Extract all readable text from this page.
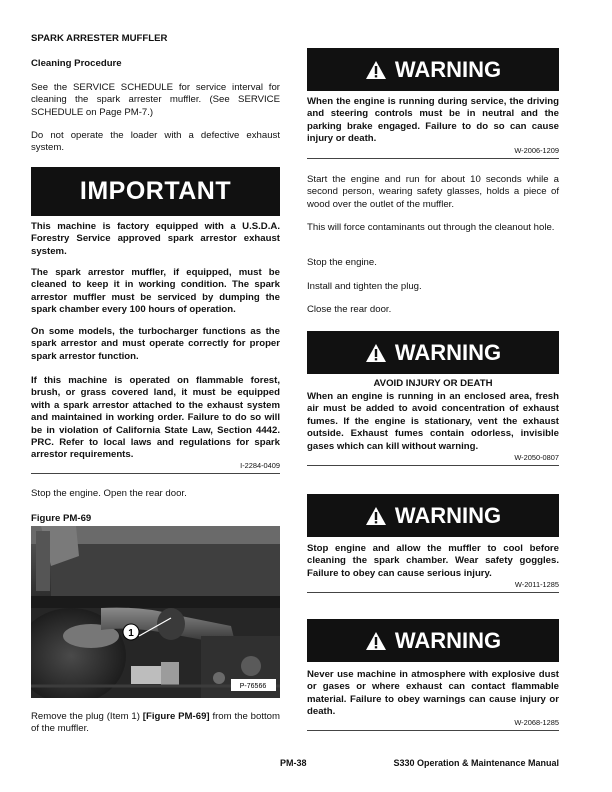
SPARK ARRESTER MUFFLER
Cleaning Procedure

See the SERVICE SCHEDULE for service interval for cleaning the spark arrester muffler. (See SERVICE SCHEDULE on Page PM-7.)

Do not operate the loader with a defective exhaust system.

IMPORTANT

This machine is factory equipped with a U.S.D.A. Forestry Service approved spark arrestor exhaust system.

The spark arrestor muffler, if equipped, must be cleaned to keep it in working condition. The spark arrestor muffler must be serviced by dumping the spark chamber every 100 hours of operation.

On some models, the turbocharger functions as the spark arrestor and must operate correctly for proper spark arrestor function.

If this machine is operated on flammable forest, brush, or grass covered land, it must be equipped with a spark arrestor attached to the exhaust system and maintained in working order. Failure to do so will be in violation of California State Law, Section 4442. PRC. Refer to local laws and regulations for spark arrestor requirements.

I-2284-0409

Stop the engine. Open the rear door.

Figure PM-69

1
P-76566

Remove the plug (Item 1) [Figure PM-69] from the bottom of the muffler.

WARNING

When the engine is running during service, the driving and steering controls must be in neutral and the parking brake engaged. Failure to do so can cause injury or death.

W-2006-1209

Start the engine and run for about 10 seconds while a second person, wearing safety glasses, holds a piece of wood over the outlet of the muffler.

This will force contaminants out through the cleanout hole.

Stop the engine.

Install and tighten the plug.

Close the rear door.

WARNING

AVOID INJURY OR DEATH

When an engine is running in an enclosed area, fresh air must be added to avoid concentration of exhaust fumes. If the engine is stationary, vent the exhaust outside. Exhaust fumes contain odorless, invisible gases which can kill without warning.

W-2050-0807
WARNING

Stop engine and allow the muffler to cool before cleaning the spark chamber. Wear safety goggles. Failure to obey can cause serious injury.

W-2011-1285
WARNING

Never use machine in atmosphere with explosive dust or gases or where exhaust can contact flammable material. Failure to obey warnings can cause injury or death.

W-2068-1285
PM-38	S330 Operation & Maintenance Manual
